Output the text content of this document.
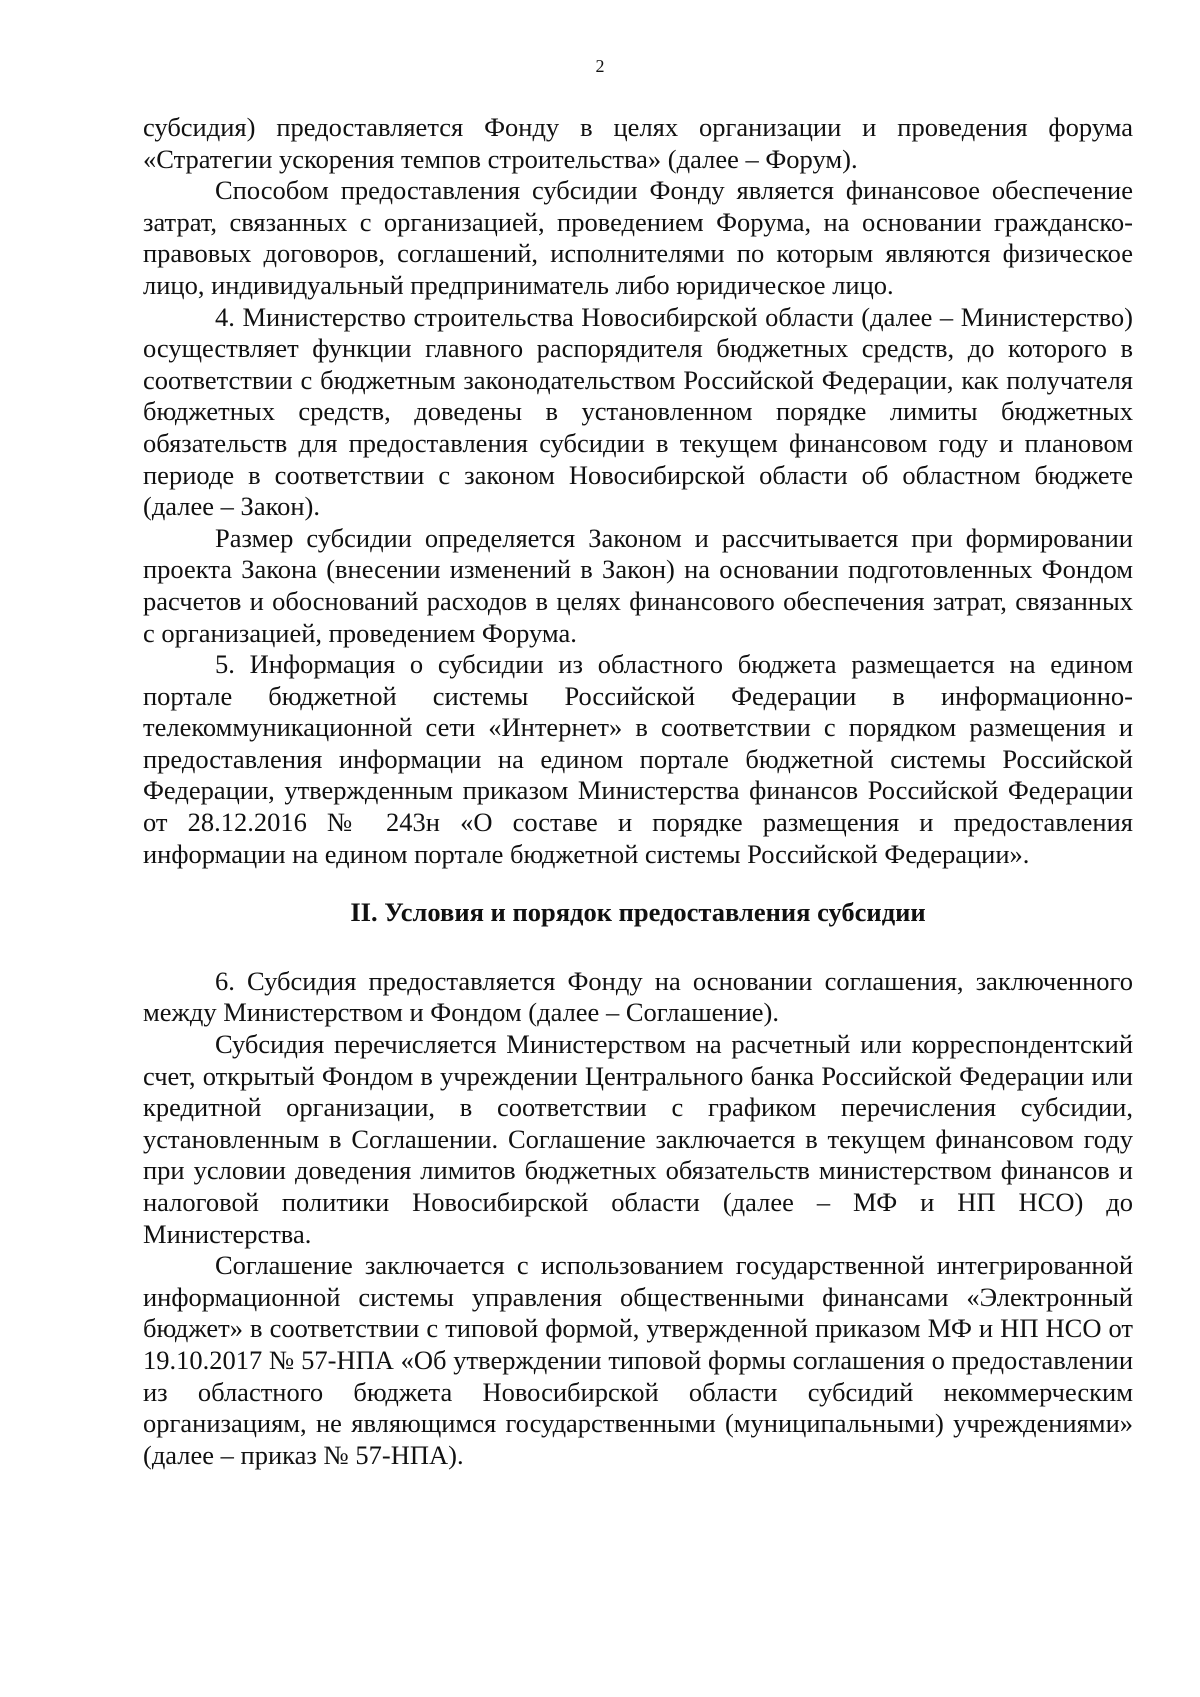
2

субсидия) предоставляется Фонду в целях организации и проведения форума «Стратегии ускорения темпов строительства» (далее – Форум).

Способом предоставления субсидии Фонду является финансовое обеспечение затрат, связанных с организацией, проведением Форума, на основании гражданско-правовых договоров, соглашений, исполнителями по которым являются физическое лицо, индивидуальный предприниматель либо юридическое лицо.

4. Министерство строительства Новосибирской области (далее – Министерство) осуществляет функции главного распорядителя бюджетных средств, до которого в соответствии с бюджетным законодательством Российской Федерации, как получателя бюджетных средств, доведены в установленном порядке лимиты бюджетных обязательств для предоставления субсидии в текущем финансовом году и плановом периоде в соответствии с законом Новосибирской области об областном бюджете (далее – Закон).

Размер субсидии определяется Законом и рассчитывается при формировании проекта Закона (внесении изменений в Закон) на основании подготовленных Фондом расчетов и обоснований расходов в целях финансового обеспечения затрат, связанных с организацией, проведением Форума.

5. Информация о субсидии из областного бюджета размещается на едином портале бюджетной системы Российской Федерации в информационно-телекоммуникационной сети «Интернет» в соответствии с порядком размещения и предоставления информации на едином портале бюджетной системы Российской Федерации, утвержденным приказом Министерства финансов Российской Федерации от 28.12.2016 № 243н «О составе и порядке размещения и предоставления информации на едином портале бюджетной системы Российской Федерации».

II. Условия и порядок предоставления субсидии

6. Субсидия предоставляется Фонду на основании соглашения, заключенного между Министерством и Фондом (далее – Соглашение).

Субсидия перечисляется Министерством на расчетный или корреспондентский счет, открытый Фондом в учреждении Центрального банка Российской Федерации или кредитной организации, в соответствии с графиком перечисления субсидии, установленным в Соглашении. Соглашение заключается в текущем финансовом году при условии доведения лимитов бюджетных обязательств министерством финансов и налоговой политики Новосибирской области (далее – МФ и НП НСО) до Министерства.

Соглашение заключается с использованием государственной интегрированной информационной системы управления общественными финансами «Электронный бюджет» в соответствии с типовой формой, утвержденной приказом МФ и НП НСО от 19.10.2017 № 57-НПА «Об утверждении типовой формы соглашения о предоставлении из областного бюджета Новосибирской области субсидий некоммерческим организациям, не являющимся государственными (муниципальными) учреждениями» (далее – приказ № 57-НПА).
